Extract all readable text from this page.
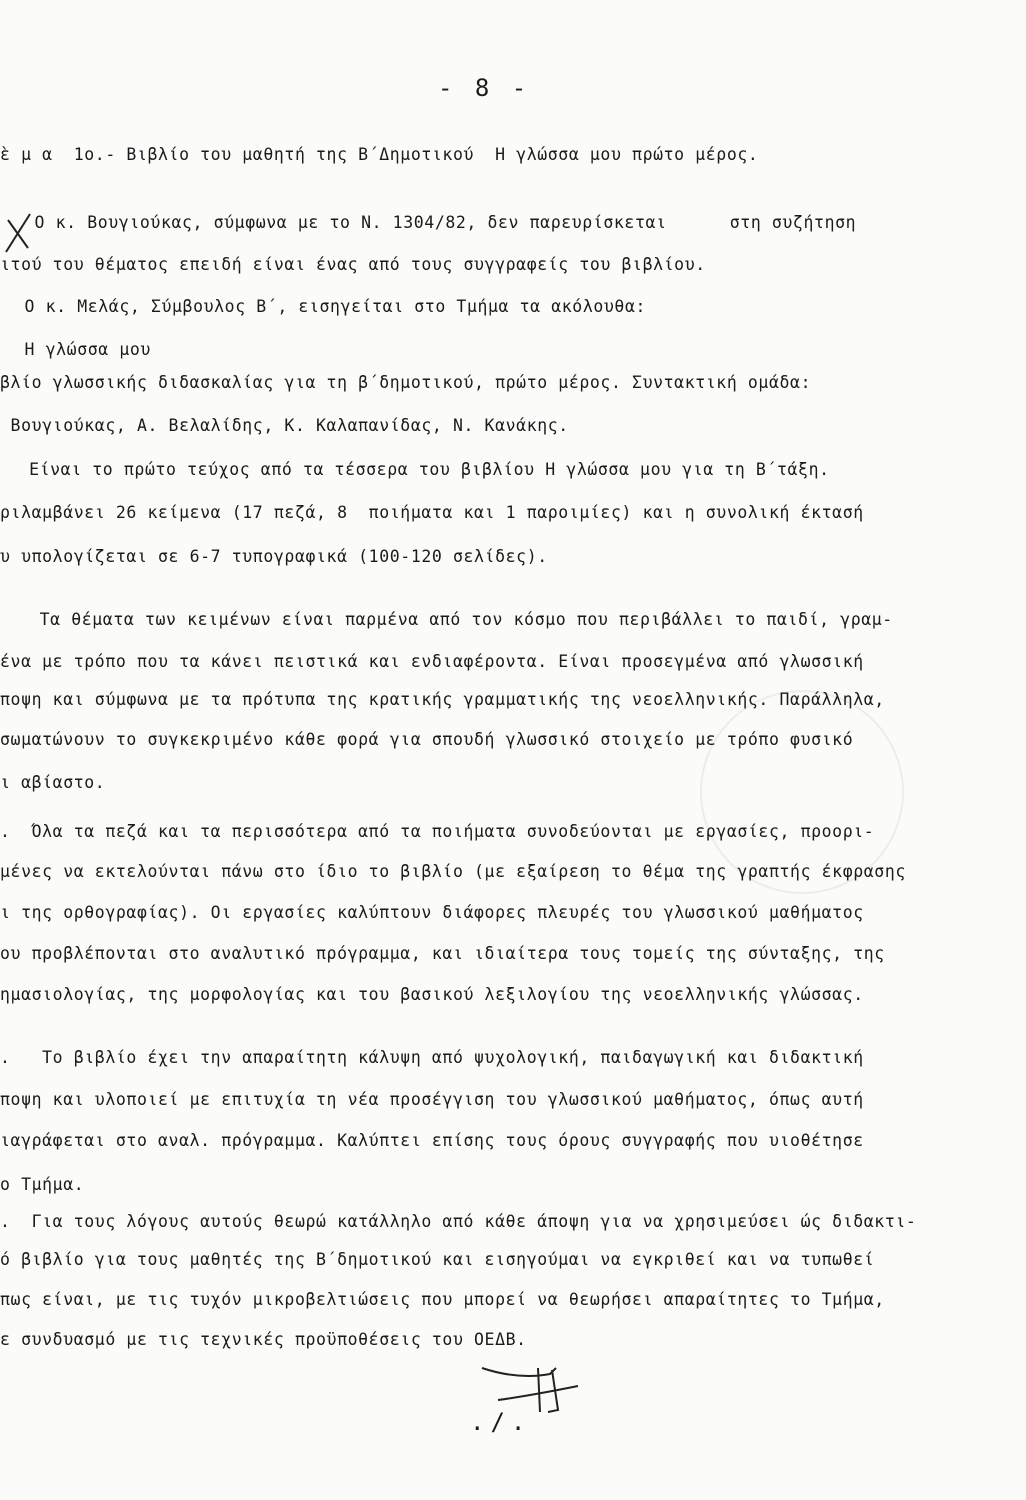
- 8 -
ὲ μ α  1ο.- Βιβλίο του μαθητή της Β΄Δημοτικού  Η γλώσσα μου πρώτο μέρος.
Ο κ. Βουγιούκας, σύμφωνα με το Ν. 1304/82, δεν παρευρίσκεται      στη συζήτηση
ιτού του θέματος επειδή είναι ένας από τους συγγραφείς του βιβλίου.
Ο κ. Μελάς, Σύμβουλος Β΄, εισηγείται στο Τμήμα τα ακόλουθα:
Η γλώσσα μου
βλίο γλωσσικής διδασκαλίας για τη β΄δημοτικού, πρώτο μέρος. Συντακτική ομάδα:
Βουγιούκας, Α. Βελαλίδης, Κ. Καλαπανίδας, Ν. Κανάκης.
Είναι το πρώτο τεύχος από τα τέσσερα του βιβλίου Η γλώσσα μου για τη Β΄τάξη.
ριλαμβάνει 26 κείμενα (17 πεζά, 8  ποιήματα και 1 παροιμίες) και η συνολική έκτασή
υ υπολογίζεται σε 6-7 τυπογραφικά (100-120 σελίδες).
Τα θέματα των κειμένων είναι παρμένα από τον κόσμο που περιβάλλει το παιδί, γραμ-
ένα με τρόπο που τα κάνει πειστικά και ενδιαφέροντα. Είναι προσεγμένα από γλωσσική
ποψη και σύμφωνα με τα πρότυπα της κρατικής γραμματικής της νεοελληνικής. Παράλληλα,
σωματώνουν το συγκεκριμένο κάθε φορά για σπουδή γλωσσικό στοιχείο με τρόπο φυσικό
ι αβίαστο.
.  Όλα τα πεζά και τα περισσότερα από τα ποιήματα συνοδεύονται με εργασίες, προορι-
μένες να εκτελούνται πάνω στο ίδιο το βιβλίο (με εξαίρεση το θέμα της γραπτής έκφρασης
ι της ορθογραφίας). Οι εργασίες καλύπτουν διάφορες πλευρές του γλωσσικού μαθήματος
ου προβλέπονται στο αναλυτικό πρόγραμμα, και ιδιαίτερα τους τομείς της σύνταξης, της
ημασιολογίας, της μορφολογίας και του βασικού λεξιλογίου της νεοελληνικής γλώσσας.
.   Το βιβλίο έχει την απαραίτητη κάλυψη από ψυχολογική, παιδαγωγική και διδακτική
ποψη και υλοποιεί με επιτυχία τη νέα προσέγγιση του γλωσσικού μαθήματος, όπως αυτή
ιαγράφεται στο αναλ. πρόγραμμα. Καλύπτει επίσης τους όρους συγγραφής που υιοθέτησε
ο Τμήμα.
.  Για τους λόγους αυτούς θεωρώ κατάλληλο από κάθε άποψη για να χρησιμεύσει ώς διδακτι-
ό βιβλίο για τους μαθητές της Β΄δημοτικού και εισηγούμαι να εγκριθεί και να τυπωθεί
πως είναι, με τις τυχόν μικροβελτιώσεις που μπορεί να θεωρήσει απαραίτητες το Τμήμα,
ε συνδυασμό με τις τεχνικές προϋποθέσεις του ΟΕΔΒ.
./.
